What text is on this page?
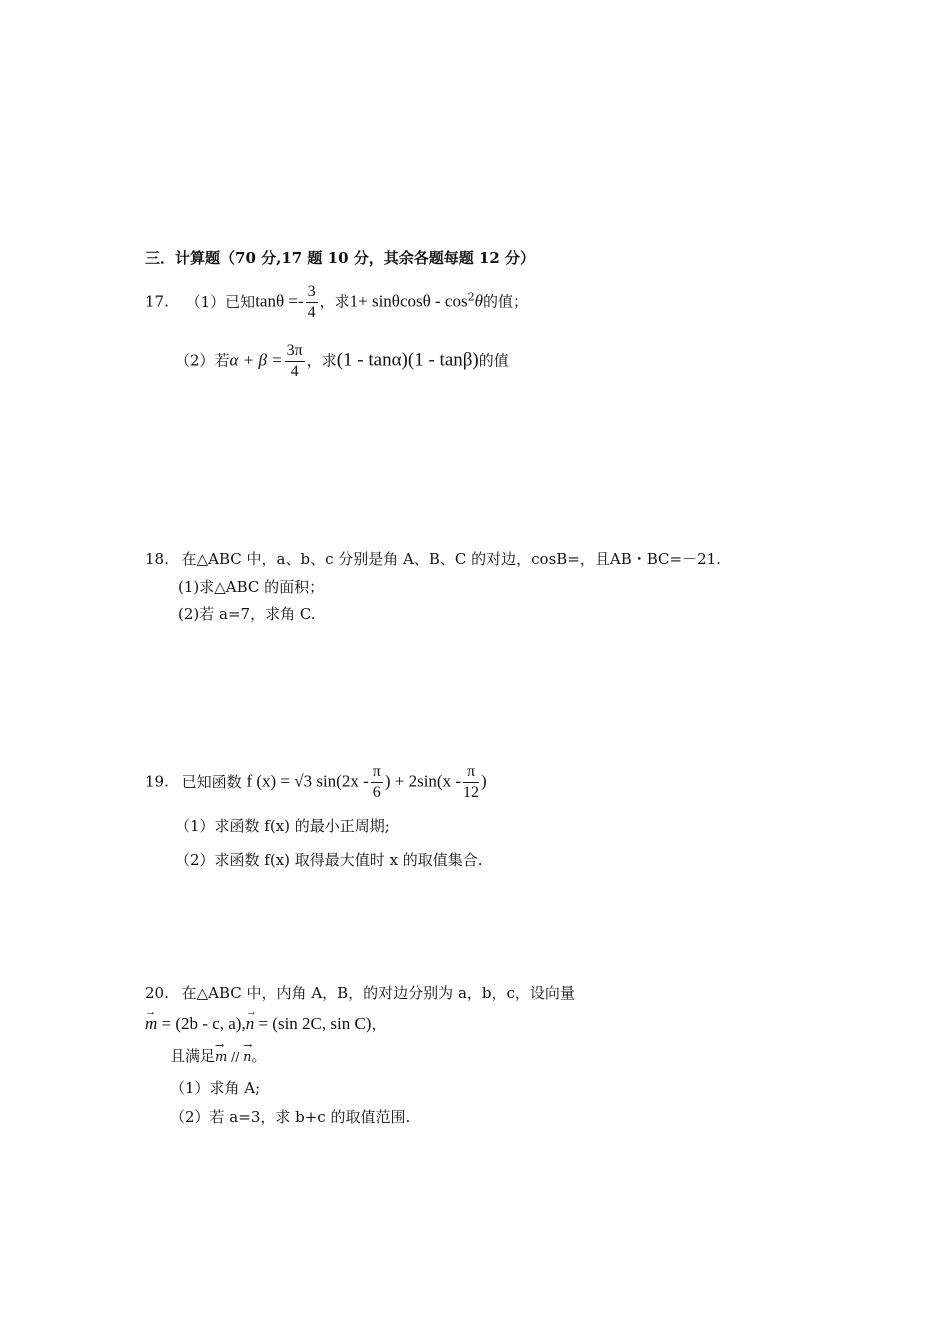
三．计算题（70 分,17 题 10 分，其余各题每题 12 分）
17. （1）已知$\tan\theta =- \frac{3}{4}$ ，求$1+ \sin\theta\cos\theta - \cos^2\theta$的值；
（2）若$\alpha + \beta = \frac{3\pi}{4}$ ，求(1 - tanα)(1 - tanβ)的值
18. 在△ABC 中，a、b、c 分别是角 A、B、C 的对边，cosB=，且AB・BC=－21.
(1)求△ABC 的面积；
(2)若 a=7，求角 C.
19. 已知函数 f (x) = √3 $\sin(2x - \frac{\pi}{6}$ ) + $2\sin(x - \frac{\pi}{12}$ )
（1）求函数 f(x) 的最小正周期;
（2）求函数 f(x) 取得最大值时 x 的取值集合.
20. 在△ABC 中，内角 A，B，的对边分别为 a，b，c，设向量
→ m = (2b - c, a),→ n = (sin 2C, sin C)，
且满足→ m // → n。
（1）求角 A;
（2）若 a=3，求 b+c 的取值范围.
